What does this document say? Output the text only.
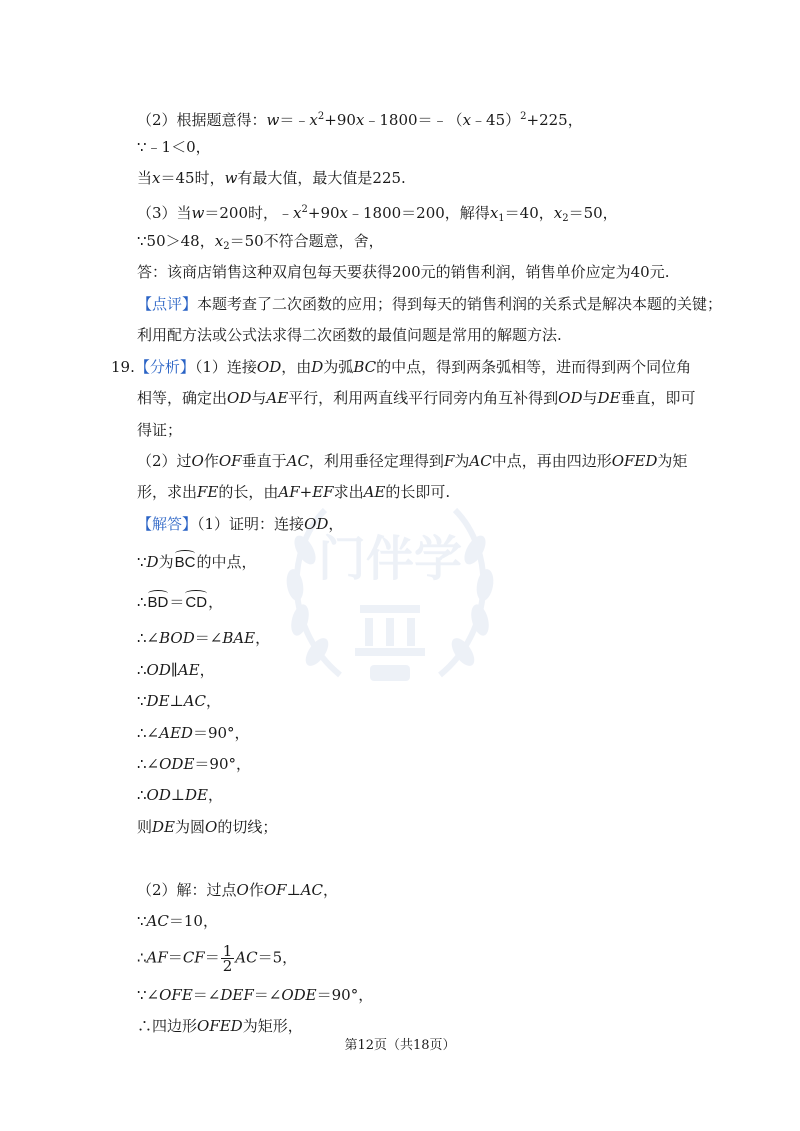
门伴学
（2）根据题意得：$w=﹣x^2+90x﹣1800=﹣(x﹣45)^2+225$，
∵﹣1＜0，
当x＝45时，w有最大值，最大值是225.
（3）当w＝200时，$﹣x^2+90x﹣1800=200$，解得$x_1=40$，$x_2=50$，
∵50＞48，$x_2=50$不符合题意，舍，
答：该商店销售这种双肩包每天要获得200元的销售利润，销售单价应定为40元.
【点评】本题考查了二次函数的应用；得到每天的销售利润的关系式是解决本题的关键；
利用配方法或公式法求得二次函数的最值问题是常用的解题方法.
19.【分析】（1）连接OD，由D为弧BC的中点，得到两条弧相等，进而得到两个同位角
相等，确定出OD与AE平行，利用两直线平行同旁内角互补得到OD与DE垂直，即可
得证；
（2）过O作OF垂直于AC，利用垂径定理得到F为AC中点，再由四边形OFED为矩
形，求出FE的长，由AF+EF求出AE的长即可.
【解答】（1）证明：连接OD，
∵D为BC的中点，
∴BD＝CD，
∴∠BOD＝∠BAE，
∴OD∥AE，
∵DE⊥AC，
∴∠AED＝90°，
∴∠ODE＝90°，
∴OD⊥DE，
则DE为圆O的切线；
（2）解：过点O作OF⊥AC，
∵AC＝10，
∴AF＝CF＝ $\frac{1}{2} AC=5$，
∵∠OFE＝∠DEF＝∠ODE＝90°，
∴四边形OFED为矩形，
第12页（共18页）
